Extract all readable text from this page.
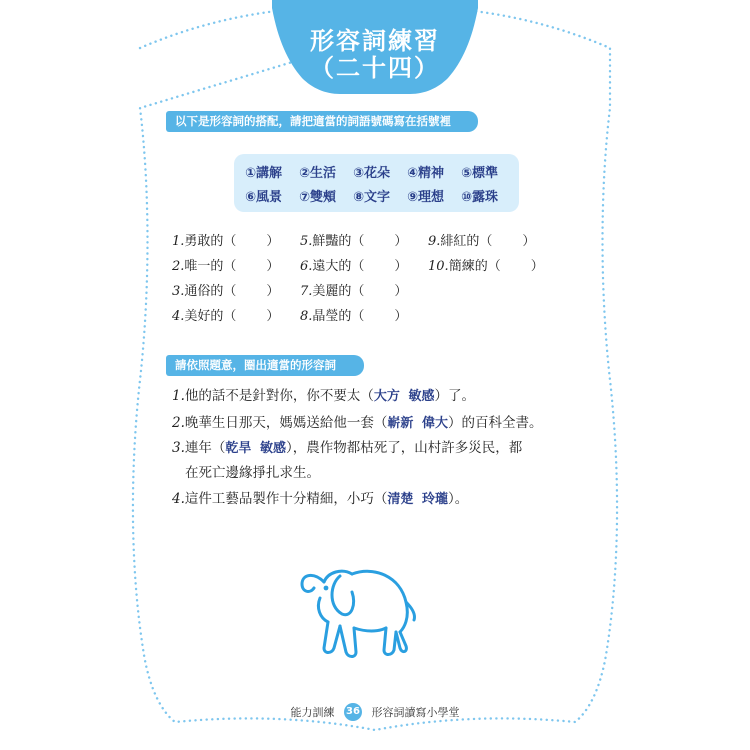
形容詞練習
（二十四）
以下是形容詞的搭配，請把適當的詞語號碼寫在括號裡
①講解 ②生活 ③花朵 ④精神 ⑤標準
⑥風景 ⑦雙頰 ⑧文字 ⑨理想 ⑩露珠
1.勇敢的（ ）
2.唯一的（ ）
3.通俗的（ ）
4.美好的（ ）
5.鮮豔的（ ）
6.遠大的（ ）
7.美麗的（ ）
8.晶瑩的（ ）
9.緋紅的（ ）
10.簡練的（ ）
請依照題意，圈出適當的形容詞
1.他的話不是針對你，你不要太（大方 敏感）了。
2.晚華生日那天，媽媽送給他一套（嶄新 偉大）的百科全書。
3.連年（乾旱 敏感），農作物都枯死了，山村許多災民，都
在死亡邊緣掙扎求生。
4.這件工藝品製作十分精細，小巧（清楚 玲瓏）。
能力訓練 36 形容詞讀寫小學堂
